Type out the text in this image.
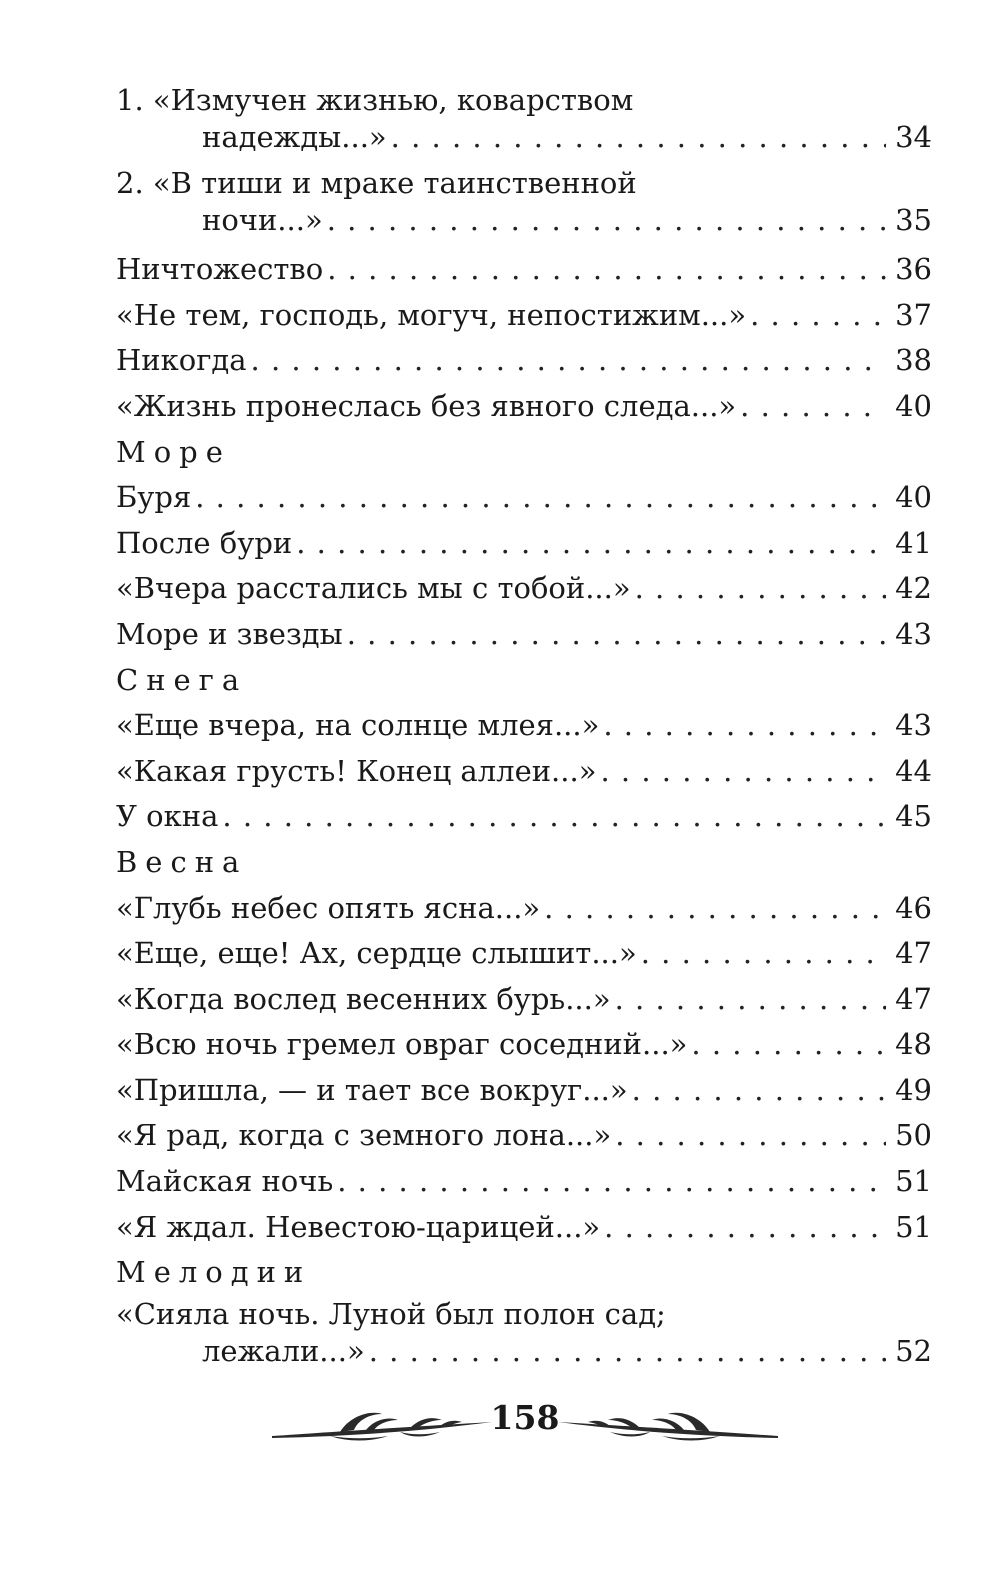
1. «Измучен жизнью, коварством
надежды...» . . .	34
2. «В тиши и мраке таинственной
ночи...» . . .	35
Ничтожество . . .	36
«Не тем, господь, могуч, непостижим...» . . .	37
Никогда . . .	38
«Жизнь пронеслась без явного следа...» . . .	40
Море
Буря . . .	40
После бури . . .	41
«Вчера расстались мы с тобой...» . . .	42
Море и звезды . . .	43
Снега
«Еще вчера, на солнце млея...» . . .	43
«Какая грусть! Конец аллеи...» . . .	44
У окна . . .	45
Весна
«Глубь небес опять ясна...» . . .	46
«Еще, еще! Ах, сердце слышит...» . . .	47
«Когда вослед весенних бурь...» . . .	47
«Всю ночь гремел овраг соседний...» . . .	48
«Пришла, — и тает все вокруг...» . . .	49
«Я рад, когда с земного лона...» . . .	50
Майская ночь . . .	51
«Я ждал. Невестою-царицей...» . . .	51
Мелодии
«Сияла ночь. Луной был полон сад;
лежали...» . . .	52
158
